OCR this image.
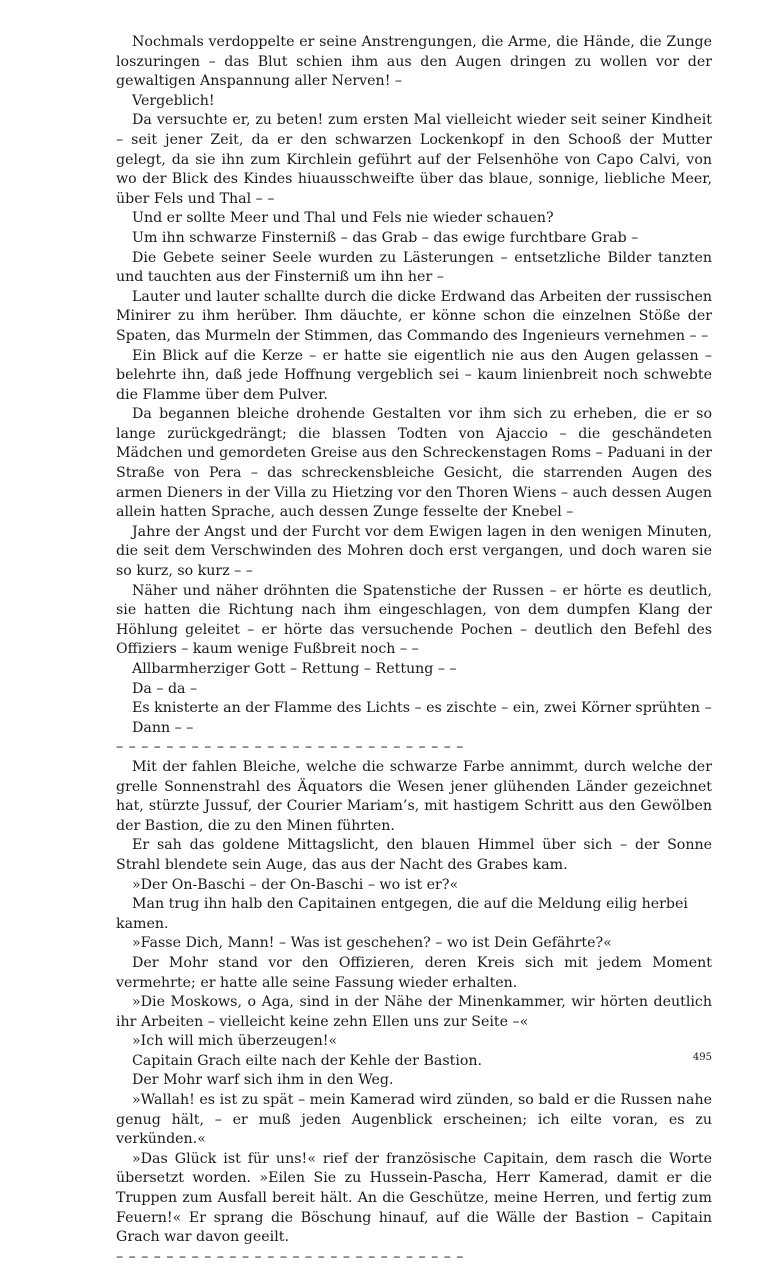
Nochmals verdoppelte er seine Anstrengungen, die Arme, die Hände, die Zunge loszuringen – das Blut schien ihm aus den Augen dringen zu wollen vor der gewaltigen Anspannung aller Nerven! –

Vergeblich!

Da versuchte er, zu beten! zum ersten Mal vielleicht wieder seit seiner Kindheit – seit jener Zeit, da er den schwarzen Lockenkopf in den Schooß der Mutter gelegt, da sie ihn zum Kirchlein geführt auf der Felsenhöhe von Capo Calvi, von wo der Blick des Kindes hiuausschweifte über das blaue, sonnige, liebliche Meer, über Fels und Thal – –

Und er sollte Meer und Thal und Fels nie wieder schauen?

Um ihn schwarze Finsterniß – das Grab – das ewige furchtbare Grab –

Die Gebete seiner Seele wurden zu Lästerungen – entsetzliche Bilder tanzten und tauchten aus der Finsterniß um ihn her –

Lauter und lauter schallte durch die dicke Erdwand das Arbeiten der russischen Minirer zu ihm herüber. Ihm däuchte, er könne schon die einzelnen Stöße der Spaten, das Murmeln der Stimmen, das Commando des Ingenieurs vernehmen – –

Ein Blick auf die Kerze – er hatte sie eigentlich nie aus den Augen gelassen – belehrte ihn, daß jede Hoffnung vergeblich sei – kaum linienbreit noch schwebte die Flamme über dem Pulver.

Da begannen bleiche drohende Gestalten vor ihm sich zu erheben, die er so lange zurückgedrängt; die blassen Todten von Ajaccio – die geschändeten Mädchen und gemordeten Greise aus den Schreckenstagen Roms – Paduani in der Straße von Pera – das schreckensbleiche Gesicht, die starrenden Augen des armen Dieners in der Villa zu Hietzing vor den Thoren Wiens – auch dessen Augen allein hatten Sprache, auch dessen Zunge fesselte der Knebel –

Jahre der Angst und der Furcht vor dem Ewigen lagen in den wenigen Minuten, die seit dem Verschwinden des Mohren doch erst vergangen, und doch waren sie so kurz, so kurz – –

Näher und näher dröhnten die Spatenstiche der Russen – er hörte es deutlich, sie hatten die Richtung nach ihm eingeschlagen, von dem dumpfen Klang der Höhlung geleitet – er hörte das versuchende Pochen – deutlich den Befehl des Offiziers – kaum wenige Fußbreit noch – –

Allbarmherziger Gott – Rettung – Rettung – –

Da – da –

Es knisterte an der Flamme des Lichts – es zischte – ein, zwei Körner sprühten –

Dann – –

– – – – – – – – – – – – – – – – – – – – – – – – – – – –

Mit der fahlen Bleiche, welche die schwarze Farbe annimmt, durch welche der grelle Sonnenstrahl des Äquators die Wesen jener glühenden Länder gezeichnet hat, stürzte Jussuf, der Courier Mariam’s, mit hastigem Schritt aus den Gewölben der Bastion, die zu den Minen führten.

Er sah das goldene Mittagslicht, den blauen Himmel über sich – der Sonne Strahl blendete sein Auge, das aus der Nacht des Grabes kam.

»Der On-Baschi – der On-Baschi – wo ist er?«

Man trug ihn halb den Capitainen entgegen, die auf die Meldung eilig herbei kamen.

»Fasse Dich, Mann! – Was ist geschehen? – wo ist Dein Gefährte?«

Der Mohr stand vor den Offizieren, deren Kreis sich mit jedem Moment vermehrte; er hatte alle seine Fassung wieder erhalten.

»Die Moskows, o Aga, sind in der Nähe der Minenkammer, wir hörten deutlich ihr Arbeiten – vielleicht keine zehn Ellen uns zur Seite –«

»Ich will mich überzeugen!«

Capitain Grach eilte nach der Kehle der Bastion.

Der Mohr warf sich ihm in den Weg.

»Wallah! es ist zu spät – mein Kamerad wird zünden, so bald er die Russen nahe genug hält, – er muß jeden Augenblick erscheinen; ich eilte voran, es zu verkünden.«

»Das Glück ist für uns!« rief der französische Capitain, dem rasch die Worte übersetzt worden. »Eilen Sie zu Hussein-Pascha, Herr Kamerad, damit er die Truppen zum Ausfall bereit hält. An die Geschütze, meine Herren, und fertig zum Feuern!« Er sprang die Böschung hinauf, auf die Wälle der Bastion – Capitain Grach war davon geeilt.

– – – – – – – – – – – – – – – – – – – – – – – – – – – –

495
